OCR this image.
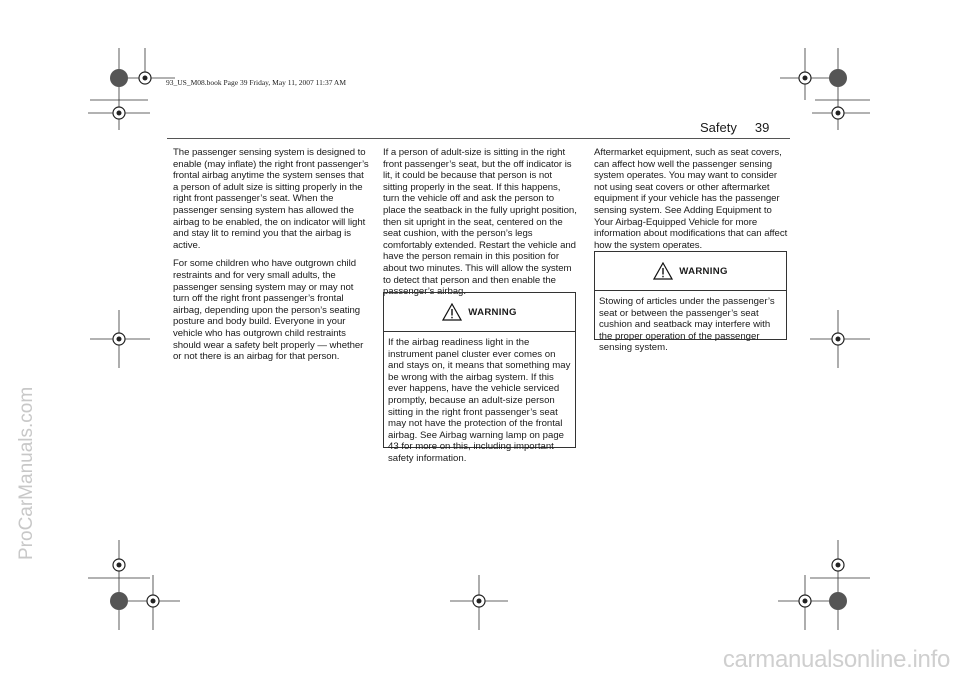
93_US_M08.book Page 39 Friday, May 11, 2007 11:37 AM
Safety 39

The passenger sensing system is designed to enable (may inflate) the right front passenger’s frontal airbag anytime the system senses that a person of adult size is sitting properly in the right front passenger’s seat. When the passenger sensing system has allowed the airbag to be enabled, the on indicator will light and stay lit to remind you that the airbag is active.

For some children who have outgrown child restraints and for very small adults, the passenger sensing system may or may not turn off the right front passenger’s frontal airbag, depending upon the person’s seating posture and body build. Everyone in your vehicle who has outgrown child restraints should wear a safety belt properly — whether or not there is an airbag for that person.

If a person of adult-size is sitting in the right front passenger’s seat, but the off indicator is lit, it could be because that person is not sitting properly in the seat. If this happens, turn the vehicle off and ask the person to place the seatback in the fully upright position, then sit upright in the seat, centered on the seat cushion, with the person’s legs comfortably extended. Restart the vehicle and have the person remain in this position for about two minutes. This will allow the system to detect that person and then enable the passenger’s airbag.

WARNING
If the airbag readiness light in the instrument panel cluster ever comes on and stays on, it means that something may be wrong with the airbag system. If this ever happens, have the vehicle serviced promptly, because an adult-size person sitting in the right front passenger’s seat may not have the protection of the frontal airbag. See Airbag warning lamp on page 43 for more on this, including important safety information.

Aftermarket equipment, such as seat covers, can affect how well the passenger sensing system operates. You may want to consider not using seat covers or other aftermarket equipment if your vehicle has the passenger sensing system. See Adding Equipment to Your Airbag-Equipped Vehicle for more information about modifications that can affect how the system operates.

WARNING
Stowing of articles under the passenger’s seat or between the passenger’s seat cushion and seatback may interfere with the proper operation of the passenger sensing system.
ProCarManuals.com
carmanualsonline.info
